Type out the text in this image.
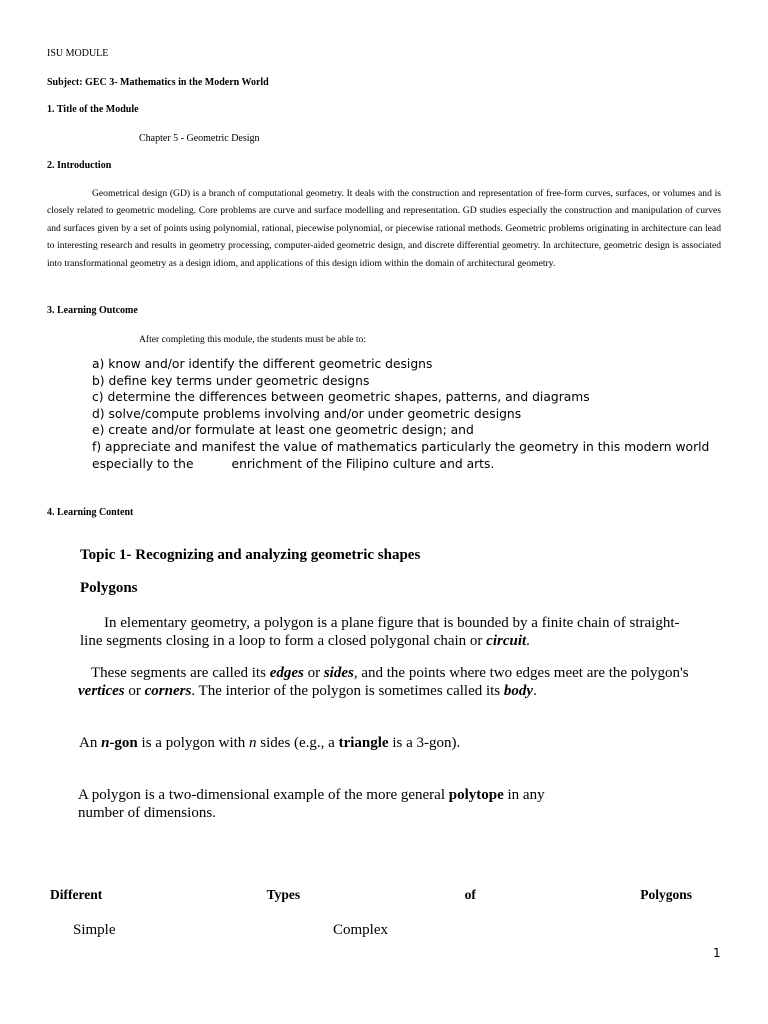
ISU MODULE
Subject: GEC 3- Mathematics in the Modern World
1. Title of the Module
Chapter 5 - Geometric Design
2. Introduction

Geometrical design (GD) is a branch of computational geometry. It deals with the construction and representation of free-form curves, surfaces, or volumes and is closely related to geometric modeling. Core problems are curve and surface modelling and representation. GD studies especially the construction and manipulation of curves and surfaces given by a set of points using polynomial, rational, piecewise polynomial, or piecewise rational methods. Geometric problems originating in architecture can lead to interesting research and results in geometry processing, computer-aided geometric design, and discrete differential geometry. In architecture, geometric design is associated into transformational geometry as a design idiom, and applications of this design idiom within the domain of architectural geometry.

3. Learning Outcome
After completing this module, the students must be able to:
a) know and/or identify the different geometric designs
b) define key terms under geometric designs
c) determine the differences between geometric shapes, patterns, and diagrams
d) solve/compute problems involving and/or under geometric designs
e) create and/or formulate at least one geometric design; and
f) appreciate and manifest the value of mathematics particularly the geometry in this modern world especially to the	enrichment of the Filipino culture and arts.
4. Learning Content
Topic 1- Recognizing and analyzing geometric shapes
Polygons

In elementary geometry, a polygon is a plane figure that is bounded by a finite chain of straight-line segments closing in a loop to form a closed polygonal chain or circuit.

These segments are called its edges or sides, and the points where two edges meet are the polygon's vertices or corners. The interior of the polygon is sometimes called its body.

An n-gon is a polygon with n sides (e.g., a triangle is a 3-gon).

A polygon is a two-dimensional example of the more general polytope in any number of dimensions.

Different	Types	of	Polygons
Simple	Complex
1
